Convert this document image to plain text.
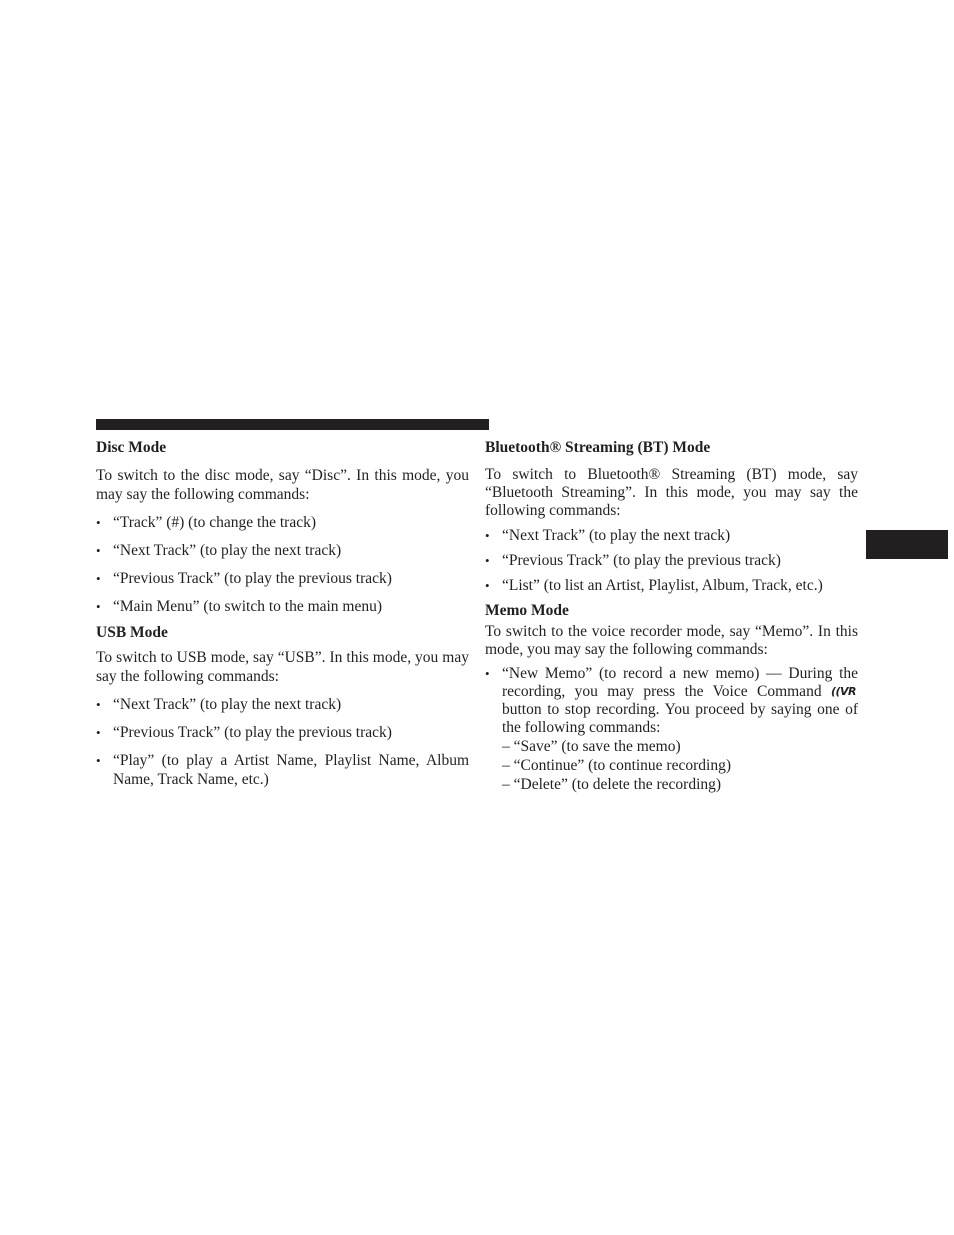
Disc Mode

To switch to the disc mode, say “Disc”. In this mode, you may say the following commands:

• “Track” (#) (to change the track)
• “Next Track” (to play the next track)
• “Previous Track” (to play the previous track)
• “Main Menu” (to switch to the main menu)
USB Mode

To switch to USB mode, say “USB”. In this mode, you may say the following commands:

• “Next Track” (to play the next track)
• “Previous Track” (to play the previous track)
• “Play” (to play a Artist Name, Playlist Name, Album Name, Track Name, etc.)
Bluetooth® Streaming (BT) Mode

To switch to Bluetooth® Streaming (BT) mode, say “Bluetooth Streaming”. In this mode, you may say the following commands:

• “Next Track” (to play the next track)
• “Previous Track” (to play the previous track)
• “List” (to list an Artist, Playlist, Album, Track, etc.)
Memo Mode

To switch to the voice recorder mode, say “Memo”. In this mode, you may say the following commands:

• “New Memo” (to record a new memo) — During the recording, you may press the Voice Command ((VRbutton to stop recording. You proceed by saying one of the following commands:
– “Save” (to save the memo)
– “Continue” (to continue recording)
– “Delete” (to delete the recording)
